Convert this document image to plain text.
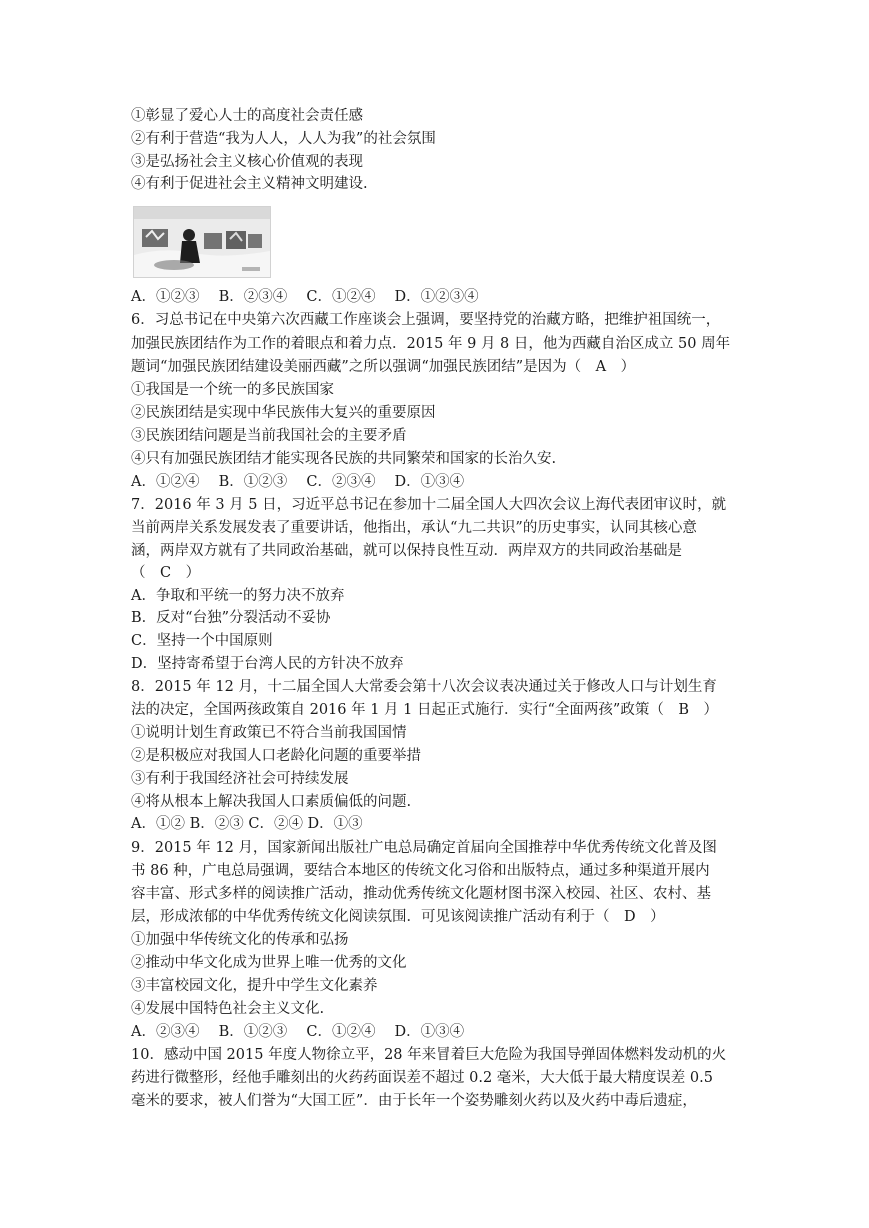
①彰显了爱心人士的高度社会责任感
②有利于营造“我为人人，人人为我”的社会氛围
③是弘扬社会主义核心价值观的表现
④有利于促进社会主义精神文明建设.
A．①②③　 B．②③④　 C．①②④　 D．①②③④
6．习总书记在中央第六次西藏工作座谈会上强调，要坚持党的治藏方略，把维护祖国统一，
加强民族团结作为工作的着眼点和着力点．2015 年 9 月 8 日，他为西藏自治区成立 50 周年
题词“加强民族团结建设美丽西藏”之所以强调“加强民族团结”是因为（　A　）
①我国是一个统一的多民族国家
②民族团结是实现中华民族伟大复兴的重要原因
③民族团结问题是当前我国社会的主要矛盾
④只有加强民族团结才能实现各民族的共同繁荣和国家的长治久安.
A．①②④　 B．①②③　 C．②③④　 D．①③④
7．2016 年 3 月 5 日，习近平总书记在参加十二届全国人大四次会议上海代表团审议时，就
当前两岸关系发展发表了重要讲话，他指出，承认“九二共识”的历史事实，认同其核心意
涵，两岸双方就有了共同政治基础，就可以保持良性互动．两岸双方的共同政治基础是
（　C　）
A．争取和平统一的努力决不放弃
B．反对“台独”分裂活动不妥协
C．坚持一个中国原则
D．坚持寄希望于台湾人民的方针决不放弃
8．2015 年 12 月，十二届全国人大常委会第十八次会议表决通过关于修改人口与计划生育
法的决定，全国两孩政策自 2016 年 1 月 1 日起正式施行．实行“全面两孩”政策（　B　）
①说明计划生育政策已不符合当前我国国情
②是积极应对我国人口老龄化问题的重要举措
③有利于我国经济社会可持续发展
④将从根本上解决我国人口素质偏低的问题.
A．①② B．②③ C．②④ D．①③
9．2015 年 12 月，国家新闻出版社广电总局确定首届向全国推荐中华优秀传统文化普及图
书 86 种，广电总局强调，要结合本地区的传统文化习俗和出版特点，通过多种渠道开展内
容丰富、形式多样的阅读推广活动，推动优秀传统文化题材图书深入校园、社区、农村、基
层，形成浓郁的中华优秀传统文化阅读氛围．可见该阅读推广活动有利于（　D　）
①加强中华传统文化的传承和弘扬
②推动中华文化成为世界上唯一优秀的文化
③丰富校园文化，提升中学生文化素养
④发展中国特色社会主义文化.
A．②③④　 B．①②③　 C．①②④　 D．①③④
10．感动中国 2015 年度人物徐立平，28 年来冒着巨大危险为我国导弹固体燃料发动机的火
药进行微整形，经他手雕刻出的火药药面误差不超过 0.2 毫米，大大低于最大精度误差 0.5
毫米的要求，被人们誉为“大国工匠”．由于长年一个姿势雕刻火药以及火药中毒后遗症，
